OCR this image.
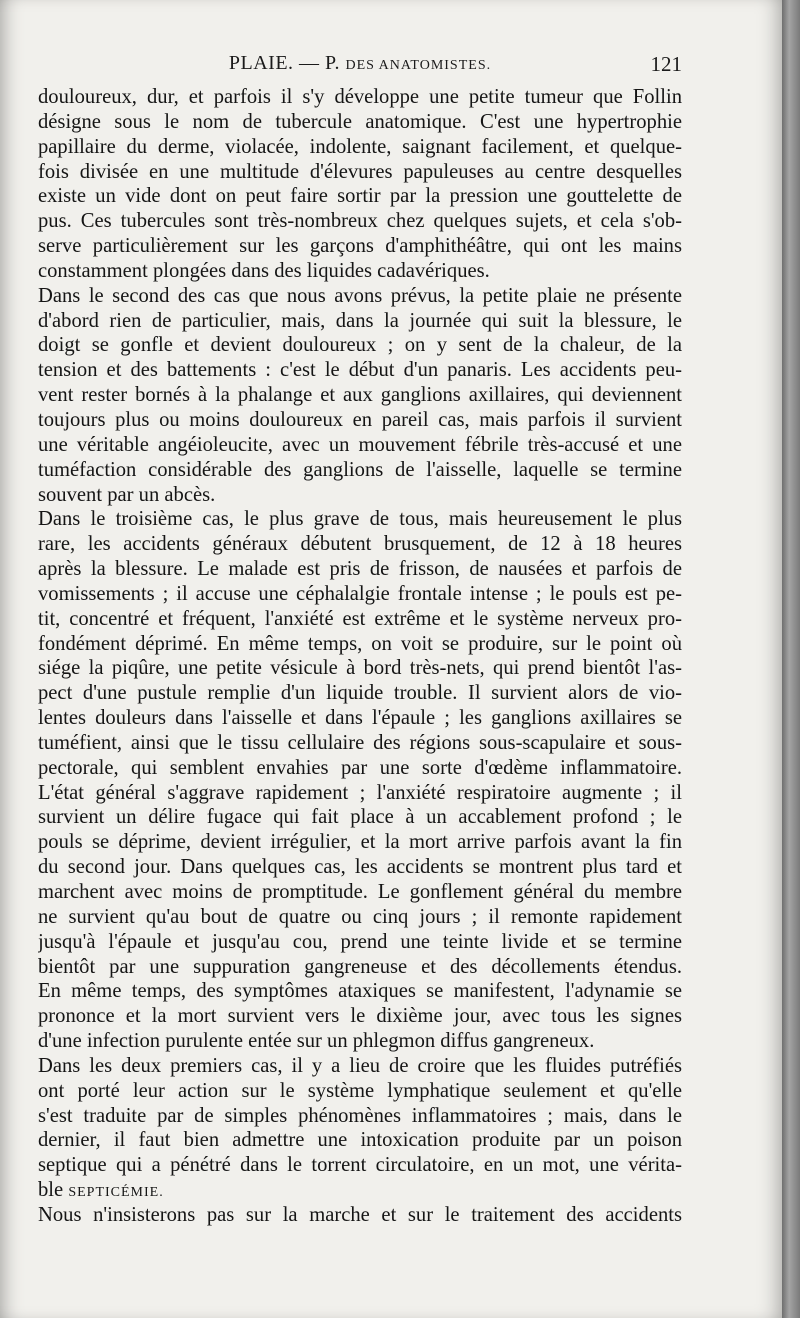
PLAIE. — P. DES ANATOMISTES.	121
douloureux, dur, et parfois il s'y développe une petite tumeur que Follin
désigne sous le nom de tubercule anatomique. C'est une hypertrophie
papillaire du derme, violacée, indolente, saignant facilement, et quelque-
fois divisée en une multitude d'élevures papuleuses au centre desquelles
existe un vide dont on peut faire sortir par la pression une gouttelette de
pus. Ces tubercules sont très-nombreux chez quelques sujets, et cela s'ob-
serve particulièrement sur les garçons d'amphithéâtre, qui ont les mains
constamment plongées dans des liquides cadavériques.
Dans le second des cas que nous avons prévus, la petite plaie ne présente
d'abord rien de particulier, mais, dans la journée qui suit la blessure, le
doigt se gonfle et devient douloureux ; on y sent de la chaleur, de la
tension et des battements : c'est le début d'un panaris. Les accidents peu-
vent rester bornés à la phalange et aux ganglions axillaires, qui deviennent
toujours plus ou moins douloureux en pareil cas, mais parfois il survient
une véritable angéioleucite, avec un mouvement fébrile très-accusé et une
tuméfaction considérable des ganglions de l'aisselle, laquelle se termine
souvent par un abcès.
Dans le troisième cas, le plus grave de tous, mais heureusement le plus
rare, les accidents généraux débutent brusquement, de 12 à 18 heures
après la blessure. Le malade est pris de frisson, de nausées et parfois de
vomissements ; il accuse une céphalalgie frontale intense ; le pouls est pe-
tit, concentré et fréquent, l'anxiété est extrême et le système nerveux pro-
fondément déprimé. En même temps, on voit se produire, sur le point où
siége la piqûre, une petite vésicule à bord très-nets, qui prend bientôt l'as-
pect d'une pustule remplie d'un liquide trouble. Il survient alors de vio-
lentes douleurs dans l'aisselle et dans l'épaule ; les ganglions axillaires se
tuméfient, ainsi que le tissu cellulaire des régions sous-scapulaire et sous-
pectorale, qui semblent envahies par une sorte d'œdème inflammatoire.
L'état général s'aggrave rapidement ; l'anxiété respiratoire augmente ; il
survient un délire fugace qui fait place à un accablement profond ; le
pouls se déprime, devient irrégulier, et la mort arrive parfois avant la fin
du second jour. Dans quelques cas, les accidents se montrent plus tard et
marchent avec moins de promptitude. Le gonflement général du membre
ne survient qu'au bout de quatre ou cinq jours ; il remonte rapidement
jusqu'à l'épaule et jusqu'au cou, prend une teinte livide et se termine
bientôt par une suppuration gangreneuse et des décollements étendus.
En même temps, des symptômes ataxiques se manifestent, l'adynamie se
prononce et la mort survient vers le dixième jour, avec tous les signes
d'une infection purulente entée sur un phlegmon diffus gangreneux.
Dans les deux premiers cas, il y a lieu de croire que les fluides putréfiés
ont porté leur action sur le système lymphatique seulement et qu'elle
s'est traduite par de simples phénomènes inflammatoires ; mais, dans le
dernier, il faut bien admettre une intoxication produite par un poison
septique qui a pénétré dans le torrent circulatoire, en un mot, une vérita-
ble SEPTICÉMIE.
Nous n'insisterons pas sur la marche et sur le traitement des accidents
